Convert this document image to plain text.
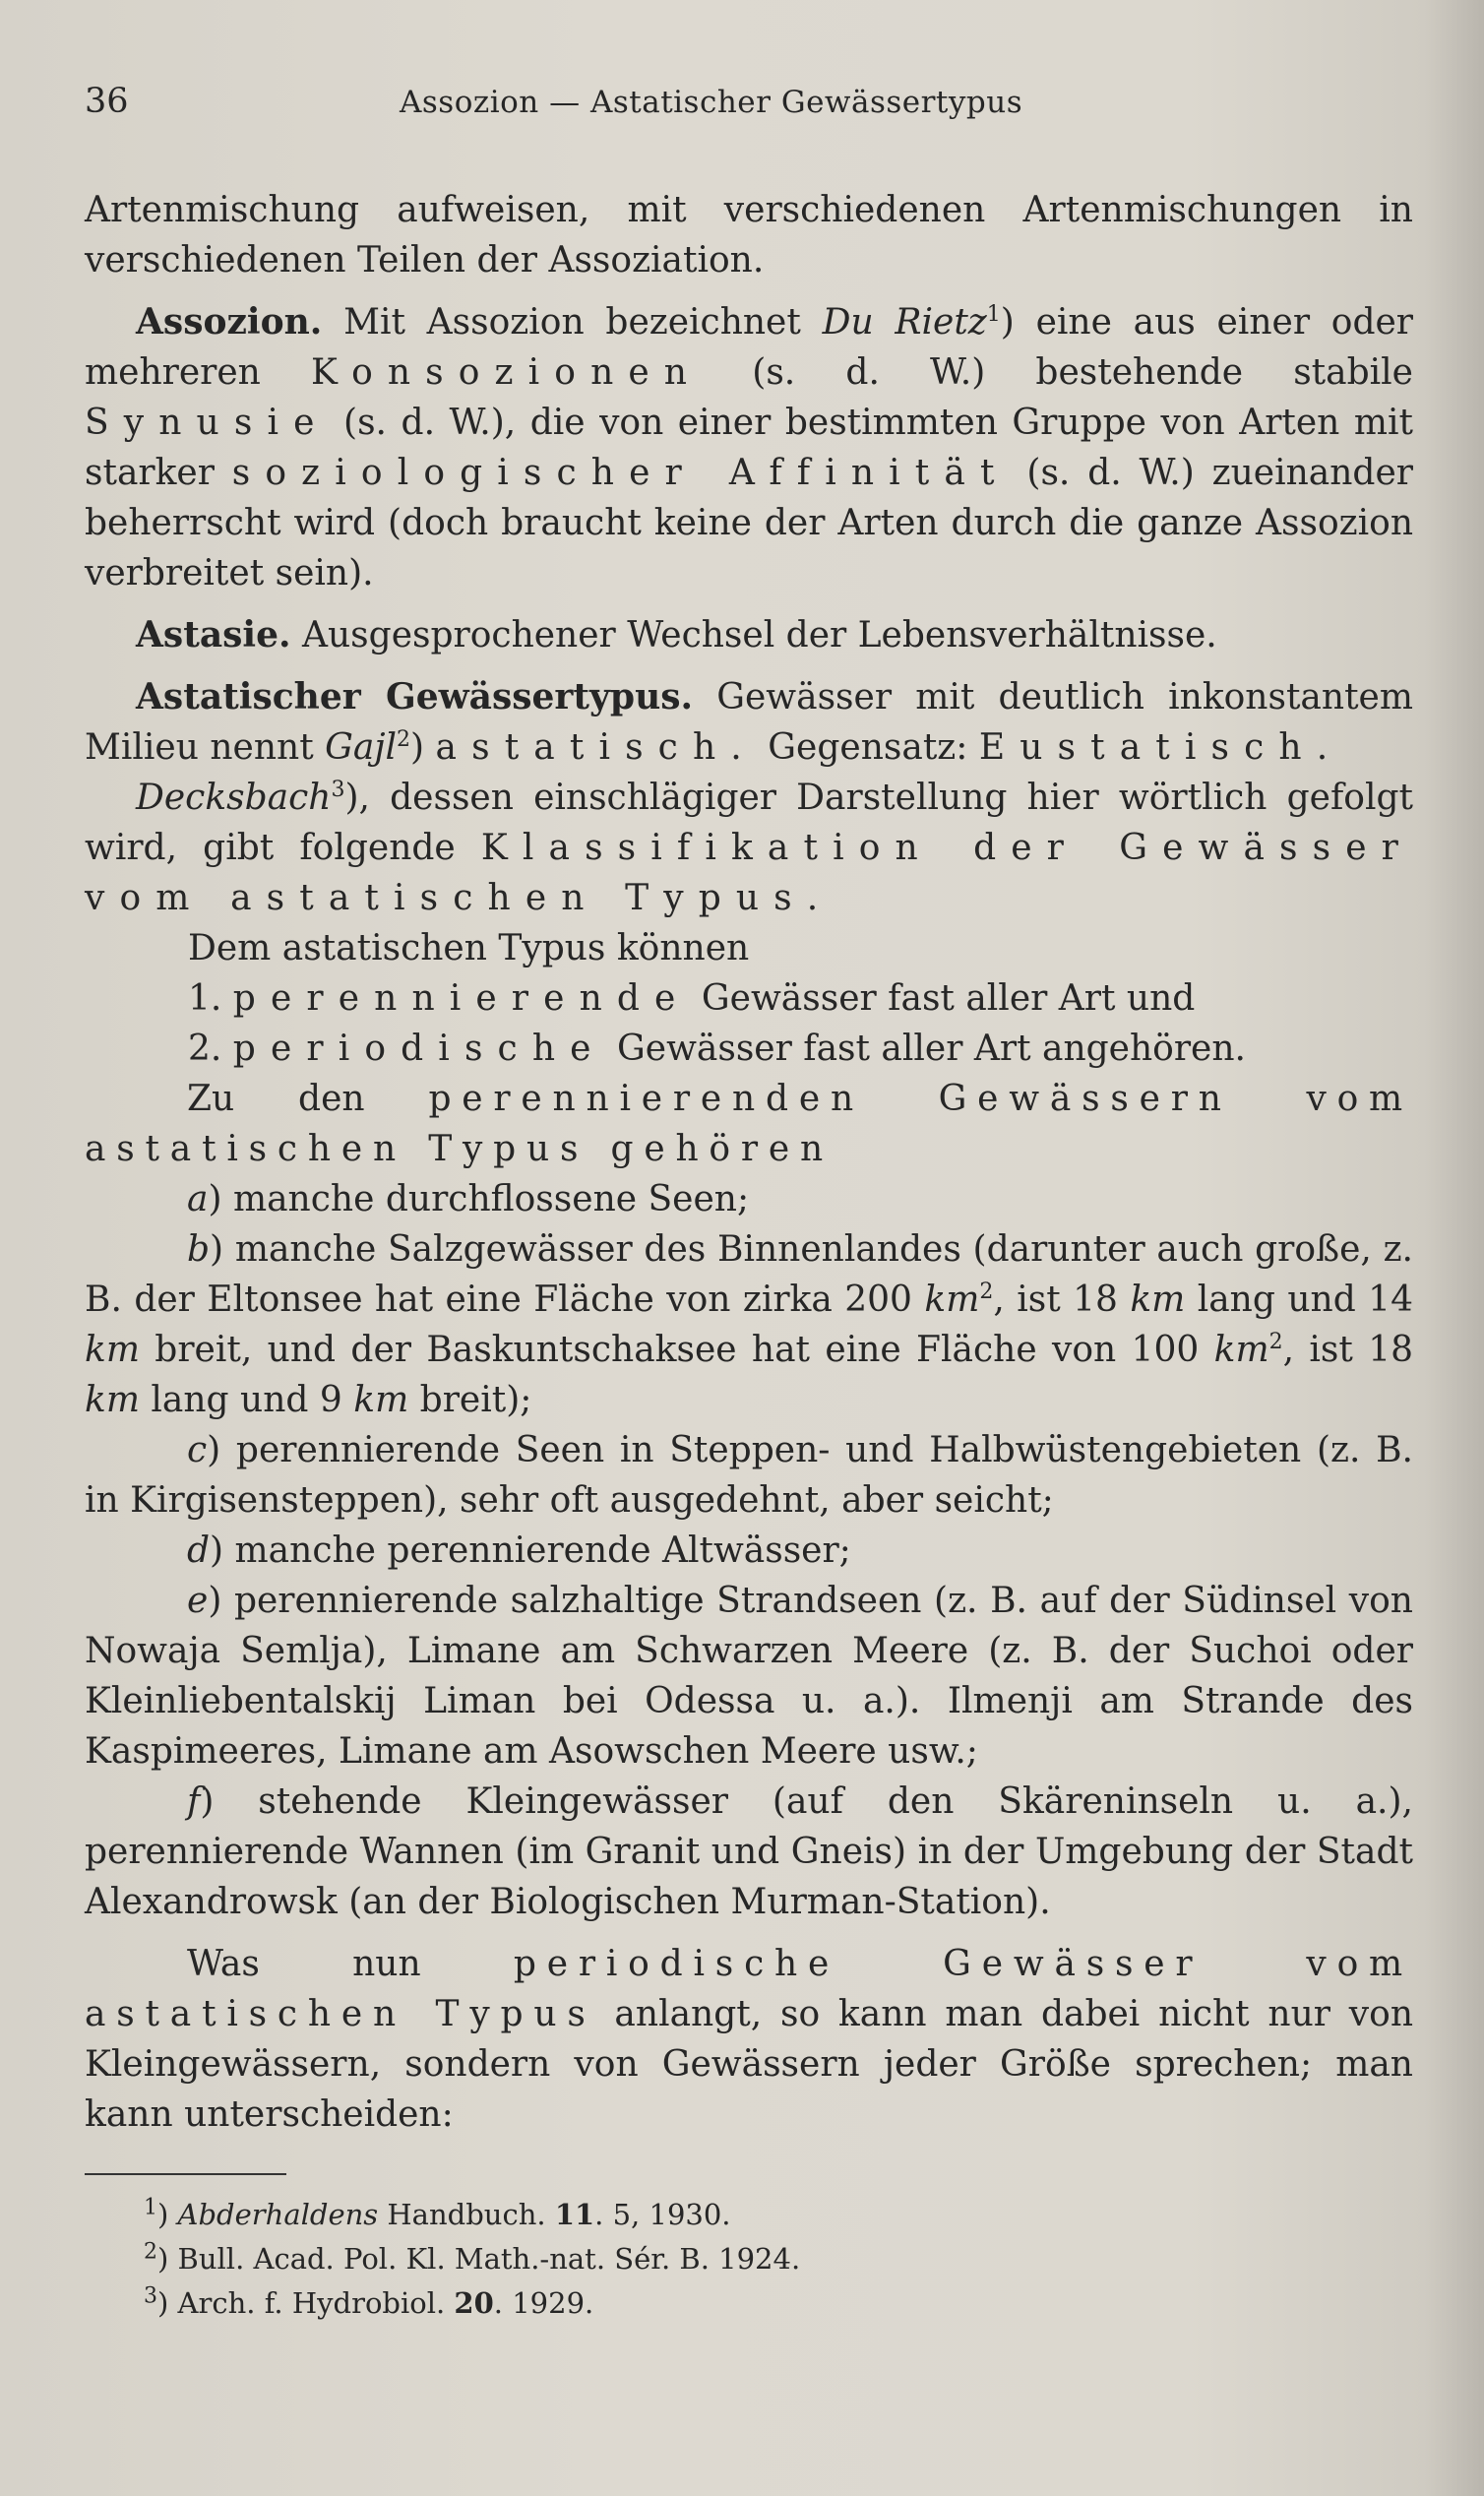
36	Assozion — Astatischer Gewässertypus

Artenmischung aufweisen, mit verschiedenen Artenmischungen in verschiedenen Teilen der Assoziation.

Assozion. Mit Assozion bezeichnet Du Rietz$^1$) eine aus einer oder mehreren Konsozionen (s. d. W.) bestehende stabile Synusie (s. d. W.), die von einer bestimmten Gruppe von Arten mit starker soziologischer Affinität (s. d. W.) zueinander beherrscht wird (doch braucht keine der Arten durch die ganze Assozion verbreitet sein).

Astasie. Ausgesprochener Wechsel der Lebensverhältnisse.

Astatischer Gewässertypus. Gewässer mit deutlich inkonstantem Milieu nennt Gajl$^2$) astatisch. Gegensatz: Eustatisch.

Decksbach$^3$), dessen einschlägiger Darstellung hier wörtlich gefolgt wird, gibt folgende Klassifikation der Gewässer vom astatischen Typus.

Dem astatischen Typus können

1. perennierende Gewässer fast aller Art und

2. periodische Gewässer fast aller Art angehören.

Zu den perennierenden Gewässern vom astatischen Typus gehören

a) manche durchflossene Seen;

b) manche Salzgewässer des Binnenlandes (darunter auch große, z. B. der Eltonsee hat eine Fläche von zirka 200 $km^2$, ist 18 km lang und 14 km breit, und der Baskuntschaksee hat eine Fläche von 100 $km^2$, ist 18 km lang und 9 km breit);

c) perennierende Seen in Steppen- und Halbwüstengebieten (z. B. in Kirgisensteppen), sehr oft ausgedehnt, aber seicht;

d) manche perennierende Altwässer;

e) perennierende salzhaltige Strandseen (z. B. auf der Südinsel von Nowaja Semlja), Limane am Schwarzen Meere (z. B. der Suchoi oder Kleinliebentalskij Liman bei Odessa u. a.). Ilmenji am Strande des Kaspimeeres, Limane am Asowschen Meere usw.;

f) stehende Kleingewässer (auf den Skäreninseln u. a.), perennierende Wannen (im Granit und Gneis) in der Umgebung der Stadt Alexandrowsk (an der Biologischen Murman-Station).

Was nun periodische Gewässer vom astatischen Typus anlangt, so kann man dabei nicht nur von Kleingewässern, sondern von Gewässern jeder Größe sprechen; man kann unterscheiden:

$^1$) Abderhaldens Handbuch. 11. 5, 1930.
$^2$) Bull. Acad. Pol. Kl. Math.-nat. Sér. B. 1924.
$^3$) Arch. f. Hydrobiol. 20. 1929.
